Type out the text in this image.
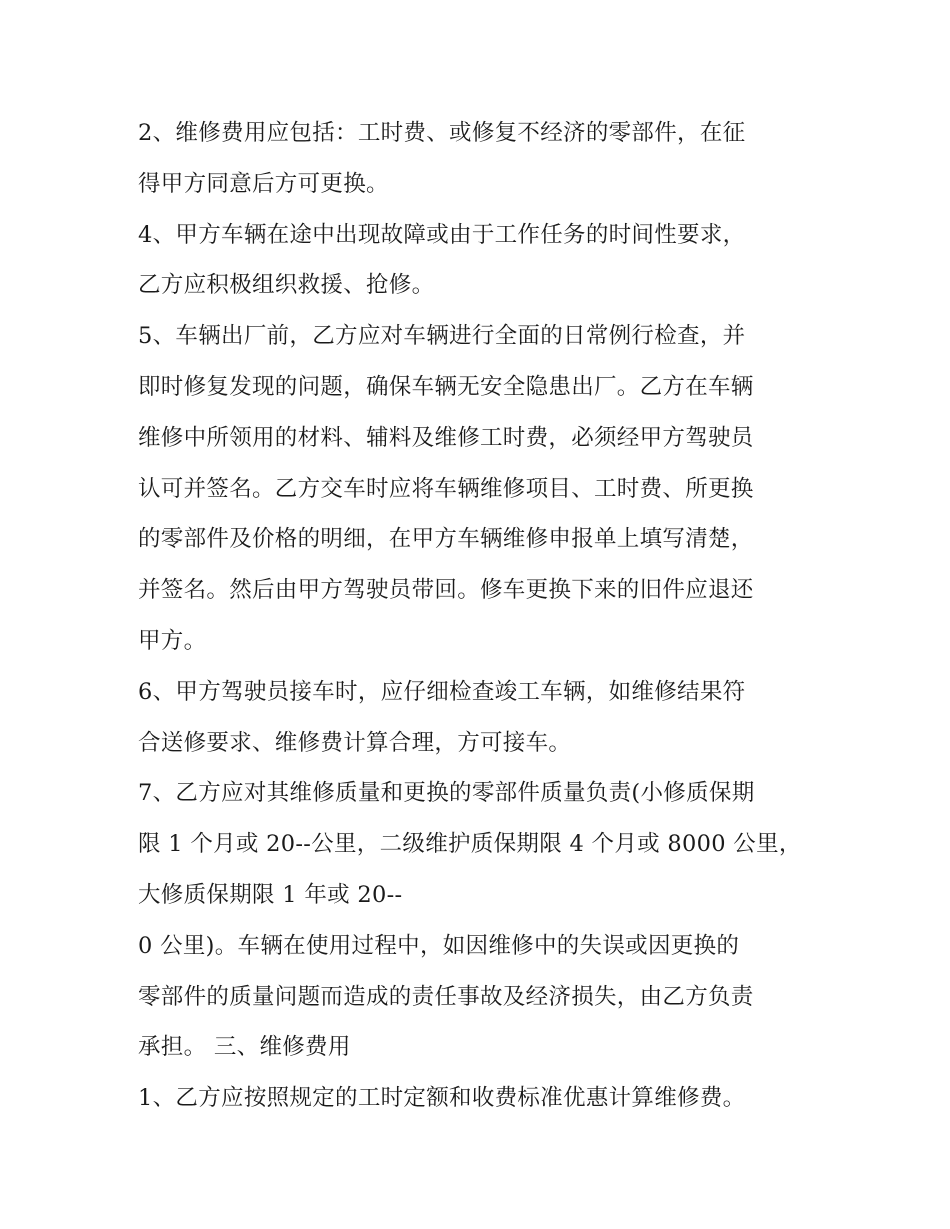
2、维修费用应包括：工时费、或修复不经济的零部件，在征
得甲方同意后方可更换。
4、甲方车辆在途中出现故障或由于工作任务的时间性要求，
乙方应积极组织救援、抢修。
5、车辆出厂前，乙方应对车辆进行全面的日常例行检查，并
即时修复发现的问题，确保车辆无安全隐患出厂。乙方在车辆
维修中所领用的材料、辅料及维修工时费，必须经甲方驾驶员
认可并签名。乙方交车时应将车辆维修项目、工时费、所更换
的零部件及价格的明细，在甲方车辆维修申报单上填写清楚，
并签名。然后由甲方驾驶员带回。修车更换下来的旧件应退还
甲方。
6、甲方驾驶员接车时，应仔细检查竣工车辆，如维修结果符
合送修要求、维修费计算合理，方可接车。
7、乙方应对其维修质量和更换的零部件质量负责(小修质保期
限 1 个月或 20--公里，二级维护质保期限 4 个月或 8000 公里，
大修质保期限 1 年或 20--
0 公里)。车辆在使用过程中，如因维修中的失误或因更换的
零部件的质量问题而造成的责任事故及经济损失，由乙方负责
承担。 三、维修费用
1、乙方应按照规定的工时定额和收费标准优惠计算维修费。
